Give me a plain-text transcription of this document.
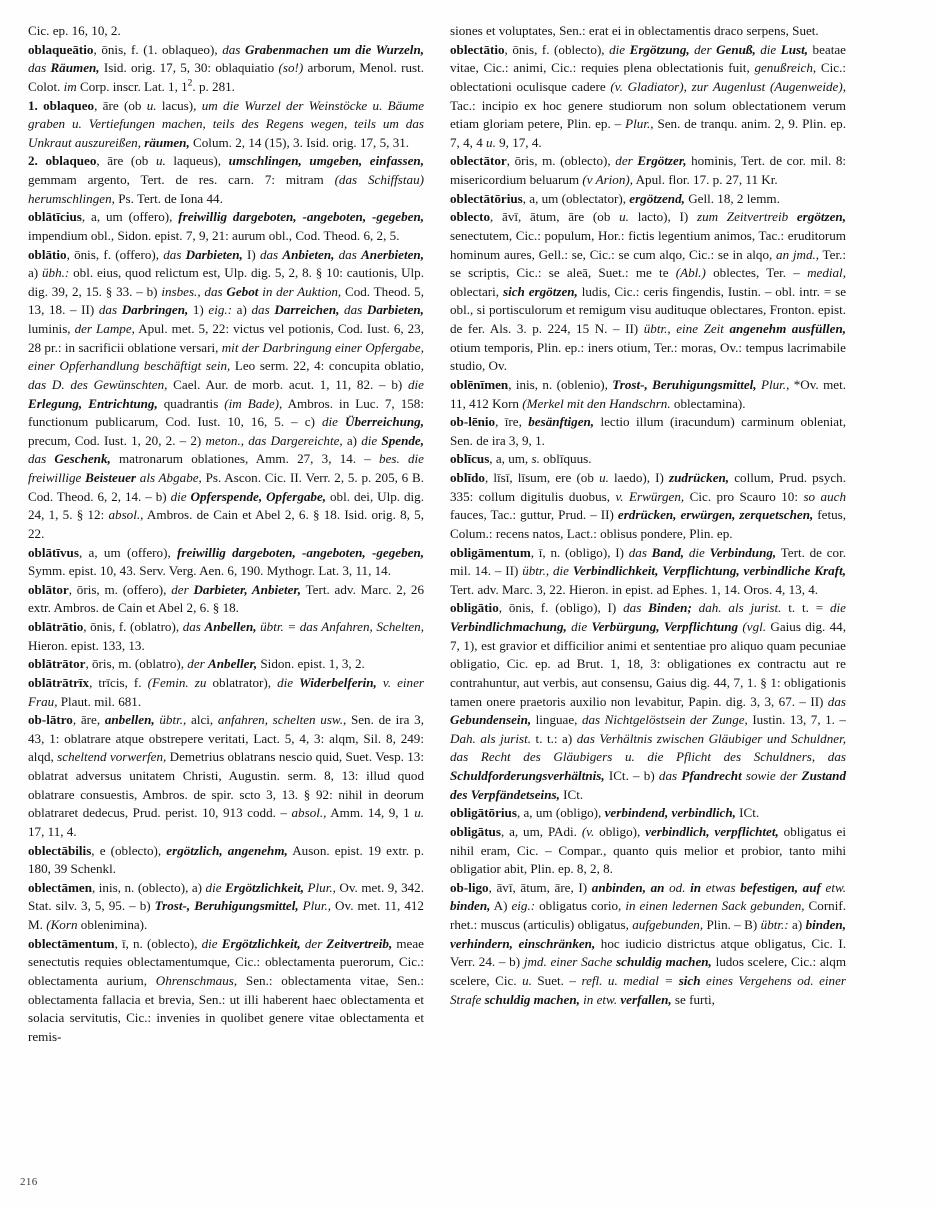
Cic. ep. 16, 10, 2.

oblaqueātio, ōnis, f. (1. oblaqueo), das Grabenmachen um die Wurzeln, das Räumen, Isid. orig. 17, 5, 30: oblaquiatio (so!) arborum, Menol. rust. Colot. im Corp. inscr. Lat. 1, $1^2$. p. 281.

1. oblaqueo, āre (ob u. lacus), um die Wurzel der Weinstöcke u. Bäume graben u. Vertiefungen machen, teils des Regens wegen, teils um das Unkraut auszureißen, räumen, Colum. 2, 14 (15), 3. Isid. orig. 17, 5, 31.

2. oblaqueo, āre (ob u. laqueus), umschlingen, umgeben, einfassen, gemmam argento, Tert. de res. carn. 7: mitram (das Schiffstau) herumschlingen, Ps. Tert. de Iona 44.

oblātīcius, a, um (offero), freiwillig dargeboten, -angeboten, -gegeben, impendium obl., Sidon. epist. 7, 9, 21: aurum obl., Cod. Theod. 6, 2, 5.

oblātio, ōnis, f. (offero), das Darbieten, I) das Anbieten, das Anerbieten, a) übh.: obl. eius, quod relictum est, Ulp. dig. 5, 2, 8. § 10: cautionis, Ulp. dig. 39, 2, 15. § 33. – b) insbes., das Gebot in der Auktion, Cod. Theod. 5, 13, 18. – II) das Darbringen, 1) eig.: a) das Darreichen, das Darbieten, luminis, der Lampe, Apul. met. 5, 22: victus vel potionis, Cod. Iust. 6, 23, 28 pr.: in sacrificii oblatione versari, mit der Darbringung einer Opfergabe, einer Opferhandlung beschäftigt sein, Leo serm. 22, 4: concupita oblatio, das D. des Gewünschten, Cael. Aur. de morb. acut. 1, 11, 82. – b) die Erlegung, Entrichtung, quadrantis (im Bade), Ambros. in Luc. 7, 158: functionum publicarum, Cod. Iust. 10, 16, 5. – c) die Überreichung, precum, Cod. Iust. 1, 20, 2. – 2) meton., das Dargereichte, a) die Spende, das Geschenk, matronarum oblationes, Amm. 27, 3, 14. – bes. die freiwillige Beisteuer als Abgabe, Ps. Ascon. Cic. II. Verr. 2, 5. p. 205, 6 B. Cod. Theod. 6, 2, 14. – b) die Opferspende, Opfergabe, obl. dei, Ulp. dig. 24, 1, 5. § 12: absol., Ambros. de Cain et Abel 2, 6. § 18. Isid. orig. 8, 5, 22.

oblātīvus, a, um (offero), freiwillig dargeboten, -angeboten, -gegeben, Symm. epist. 10, 43. Serv. Verg. Aen. 6, 190. Mythogr. Lat. 3, 11, 14.

oblātor, ōris, m. (offero), der Darbieter, Anbieter, Tert. adv. Marc. 2, 26 extr. Ambros. de Cain et Abel 2, 6. § 18.

oblātrātio, ōnis, f. (oblatro), das Anbellen, übtr. = das Anfahren, Schelten, Hieron. epist. 133, 13.

oblātrātor, ōris, m. (oblatro), der Anbeller, Sidon. epist. 1, 3, 2.

oblātrātrīx, trīcis, f. (Femin. zu oblatrator), die Widerbelferin, v. einer Frau, Plaut. mil. 681.

ob-lātro, āre, anbellen, übtr., alci, anfahren, schelten usw., Sen. de ira 3, 43, 1: oblatrare atque obstrepere veritati, Lact. 5, 4, 3: alqm, Sil. 8, 249: alqd, scheltend vorwerfen, Demetrius oblatrans nescio quid, Suet. Vesp. 13: oblatrat adversus unitatem Christi, Augustin. serm. 8, 13: illud quod oblatrare consuestis, Ambros. de spir. scto 3, 13. § 92: nihil in deorum oblatraret dedecus, Prud. perist. 10, 913 codd. – absol., Amm. 14, 9, 1 u. 17, 11, 4.

oblectābilis, e (oblecto), ergötzlich, angenehm, Auson. epist. 19 extr. p. 180, 39 Schenkl.

oblectāmen, inis, n. (oblecto), a) die Ergötzlichkeit, Plur., Ov. met. 9, 342. Stat. silv. 3, 5, 95. – b) Trost-, Beruhigungsmittel, Plur., Ov. met. 11, 412 M. (Korn oblenimina).

oblectāmentum, ī, n. (oblecto), die Ergötzlichkeit, der Zeitvertreib, meae senectutis requies oblectamentumque, Cic.: oblectamenta puerorum, Cic.: oblectamenta aurium, Ohrenschmaus, Sen.: oblectamenta vitae, Sen.: oblectamenta fallacia et brevia, Sen.: ut illi haberent haec oblectamenta et solacia servitutis, Cic.: invenies in quolibet genere vitae oblectamenta et remis-

siones et voluptates, Sen.: erat ei in oblectamentis draco serpens, Suet.

oblectātio, ōnis, f. (oblecto), die Ergötzung, der Genuß, die Lust, beatae vitae, Cic.: animi, Cic.: requies plena oblectationis fuit, genußreich, Cic.: oblectationi oculisque cadere (v. Gladiator), zur Augenlust (Augenweide), Tac.: incipio ex hoc genere studiorum non solum oblectationem verum etiam gloriam petere, Plin. ep. – Plur., Sen. de tranqu. anim. 2, 9. Plin. ep. 7, 4, 4 u. 9, 17, 4.

oblectātor, ōris, m. (oblecto), der Ergötzer, hominis, Tert. de cor. mil. 8: misericordium beluarum (v Arion), Apul. flor. 17. p. 27, 11 Kr.

oblectātōrius, a, um (oblectator), ergötzend, Gell. 18, 2 lemm.

oblecto, āvī, ātum, āre (ob u. lacto), I) zum Zeitvertreib ergötzen, senectutem, Cic.: populum, Hor.: fictis legentium animos, Tac.: eruditorum hominum aures, Gell.: se, Cic.: se cum alqo, Cic.: se in alqo, an jmd., Ter.: se scriptis, Cic.: se aleā, Suet.: me te (Abl.) oblectes, Ter. – medial, oblectari, sich ergötzen, ludis, Cic.: ceris fingendis, Iustin. – obl. intr. = se obl., si portisculorum et remigum visu audituque oblectares, Fronton. epist. de fer. Als. 3. p. 224, 15 N. – II) übtr., eine Zeit angenehm ausfüllen, otium temporis, Plin. ep.: iners otium, Ter.: moras, Ov.: tempus lacrimabile studio, Ov.

oblēnīmen, inis, n. (oblenio), Trost-, Beruhigungsmittel, Plur., *Ov. met. 11, 412 Korn (Merkel mit den Handschrn. oblectamina).

ob-lēnio, īre, besänftigen, lectio illum (iracundum) carminum obleniat, Sen. de ira 3, 9, 1.

oblīcus, a, um, s. oblīquus.

oblīdo, līsī, līsum, ere (ob u. laedo), I) zudrücken, collum, Prud. psych. 335: collum digitulis duobus, v. Erwürgen, Cic. pro Scauro 10: so auch fauces, Tac.: guttur, Prud. – II) erdrücken, erwürgen, zerquetschen, fetus, Colum.: recens natos, Lact.: oblisus pondere, Plin. ep.

obligāmentum, ī, n. (obligo), I) das Band, die Verbindung, Tert. de cor. mil. 14. – II) übtr., die Verbindlichkeit, Verpflichtung, verbindliche Kraft, Tert. adv. Marc. 3, 22. Hieron. in epist. ad Ephes. 1, 14. Oros. 4, 13, 4.

obligātio, ōnis, f. (obligo), I) das Binden; dah. als jurist. t. t. = die Verbindlichmachung, die Verbürgung, Verpflichtung (vgl. Gaius dig. 44, 7, 1), est gravior et difficilior animi et sententiae pro aliquo quam pecuniae obligatio, Cic. ep. ad Brut. 1, 18, 3: obligationes ex contractu aut re contrahuntur, aut verbis, aut consensu, Gaius dig. 44, 7, 1. § 1: obligationis tamen onere praetoris auxilio non levabitur, Papin. dig. 3, 3, 67. – II) das Gebundensein, linguae, das Nichtgelöstsein der Zunge, Iustin. 13, 7, 1. – Dah. als jurist. t. t.: a) das Verhältnis zwischen Gläubiger und Schuldner, das Recht des Gläubigers u. die Pflicht des Schuldners, das Schuldforderungsverhältnis, ICt. – b) das Pfandrecht sowie der Zustand des Verpfändetseins, ICt.

obligātōrius, a, um (obligo), verbindend, verbindlich, ICt.

obligātus, a, um, PAdi. (v. obligo), verbindlich, verpflichtet, obligatus ei nihil eram, Cic. – Compar., quanto quis melior et probior, tanto mihi obligatior abit, Plin. ep. 8, 2, 8.

ob-ligo, āvī, ātum, āre, I) anbinden, an od. in etwas befestigen, auf etw. binden, A) eig.: obligatus corio, in einen ledernen Sack gebunden, Cornif. rhet.: muscus (articulis) obligatus, aufgebunden, Plin. – B) übtr.: a) binden, verhindern, einschränken, hoc iudicio districtus atque obligatus, Cic. I. Verr. 24. – b) jmd. einer Sache schuldig machen, ludos scelere, Cic.: alqm scelere, Cic. u. Suet. – refl. u. medial = sich eines Vergehens od. einer Strafe schuldig machen, in etw. verfallen, se furti,

216
